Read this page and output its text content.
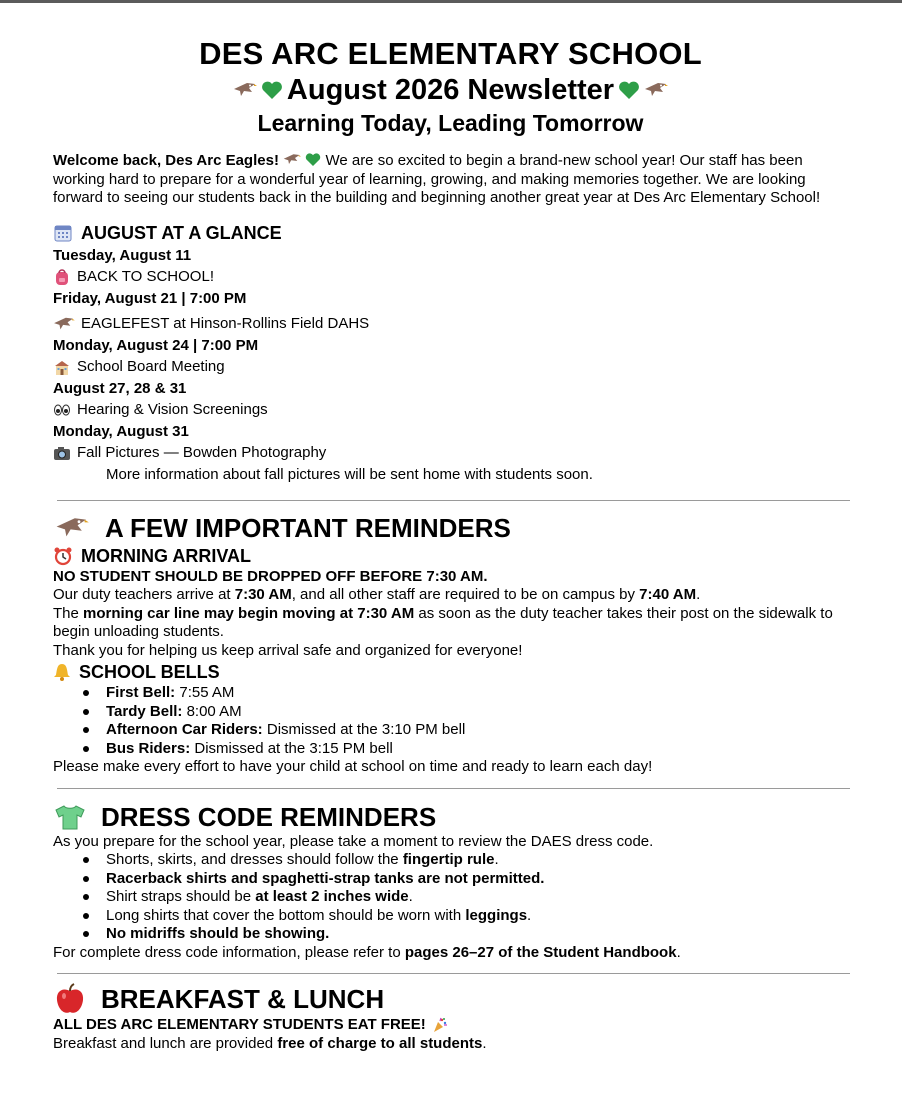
DES ARC ELEMENTARY SCHOOL
August 2026 Newsletter
Learning Today, Leading Tomorrow

Welcome back, Des Arc Eagles!
	We are so excited to begin a brand-new school year! Our staff has been working hard to prepare for a wonderful year of learning, growing, and making memories together. We are looking forward to seeing our students back in the building and beginning another great year at Des Arc Elementary School!

AUGUST AT A GLANCE
Tuesday, August 11
BACK TO SCHOOL!
Friday, August 21 | 7:00 PM
EAGLEFEST at Hinson-Rollins Field DAHS
Monday, August 24 | 7:00 PM
School Board Meeting
August 27, 28 & 31
Hearing & Vision Screenings
Monday, August 31
Fall Pictures — Bowden Photography
More information about fall pictures will be sent home with students soon.
A FEW IMPORTANT REMINDERS
MORNING ARRIVAL

NO STUDENT SHOULD BE DROPPED OFF BEFORE 7:30 AM.

Our duty teachers arrive at 7:30 AM, and all other staff are required to be on campus by 7:40 AM.

The morning car line may begin moving at 7:30 AM as soon as the duty teacher takes their post on the sidewalk to begin unloading students.

Thank you for helping us keep arrival safe and organized for everyone!

SCHOOL BELLS
First Bell: 7:55 AM
Tardy Bell: 8:00 AM
Afternoon Car Riders: Dismissed at the 3:10 PM bell
Bus Riders: Dismissed at the 3:15 PM bell

Please make every effort to have your child at school on time and ready to learn each day!

DRESS CODE REMINDERS

As you prepare for the school year, please take a moment to review the DAES dress code.

Shorts, skirts, and dresses should follow the fingertip rule.
Racerback shirts and spaghetti-strap tanks are not permitted.
Shirt straps should be at least 2 inches wide.
Long shirts that cover the bottom should be worn with leggings.
No midriffs should be showing.

For complete dress code information, please refer to pages 26–27 of the Student Handbook.

BREAKFAST & LUNCH

ALL DES ARC ELEMENTARY STUDENTS EAT FREE!

Breakfast and lunch are provided free of charge to all students.
